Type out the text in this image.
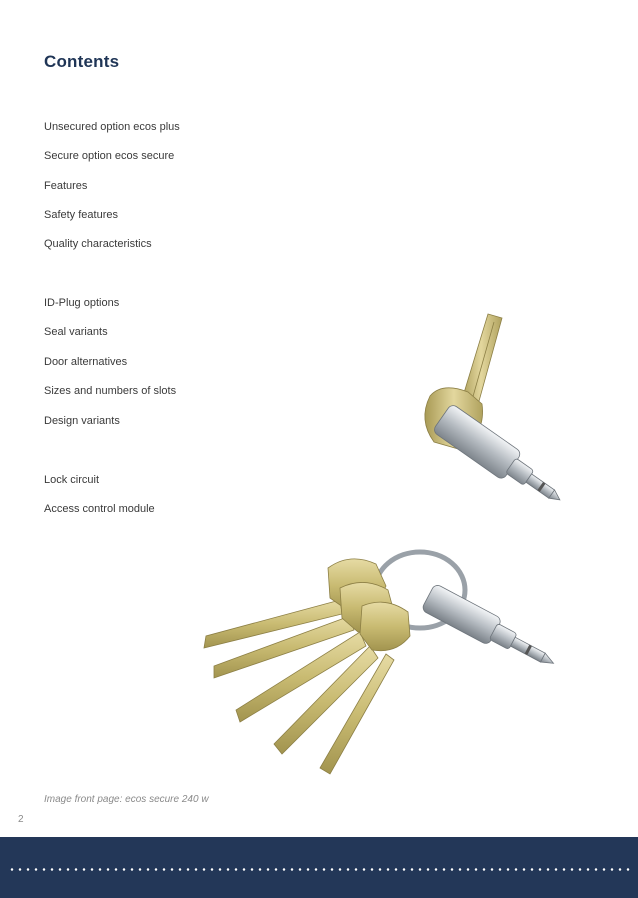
Contents
Unsecured option ecos plus
Secure option ecos secure
Features
Safety features
Quality characteristics
ID-Plug options
Seal variants
Door alternatives
Sizes and numbers of slots
Design variants
Lock circuit
Access control module
Image front page: ecos secure 240 w
2
